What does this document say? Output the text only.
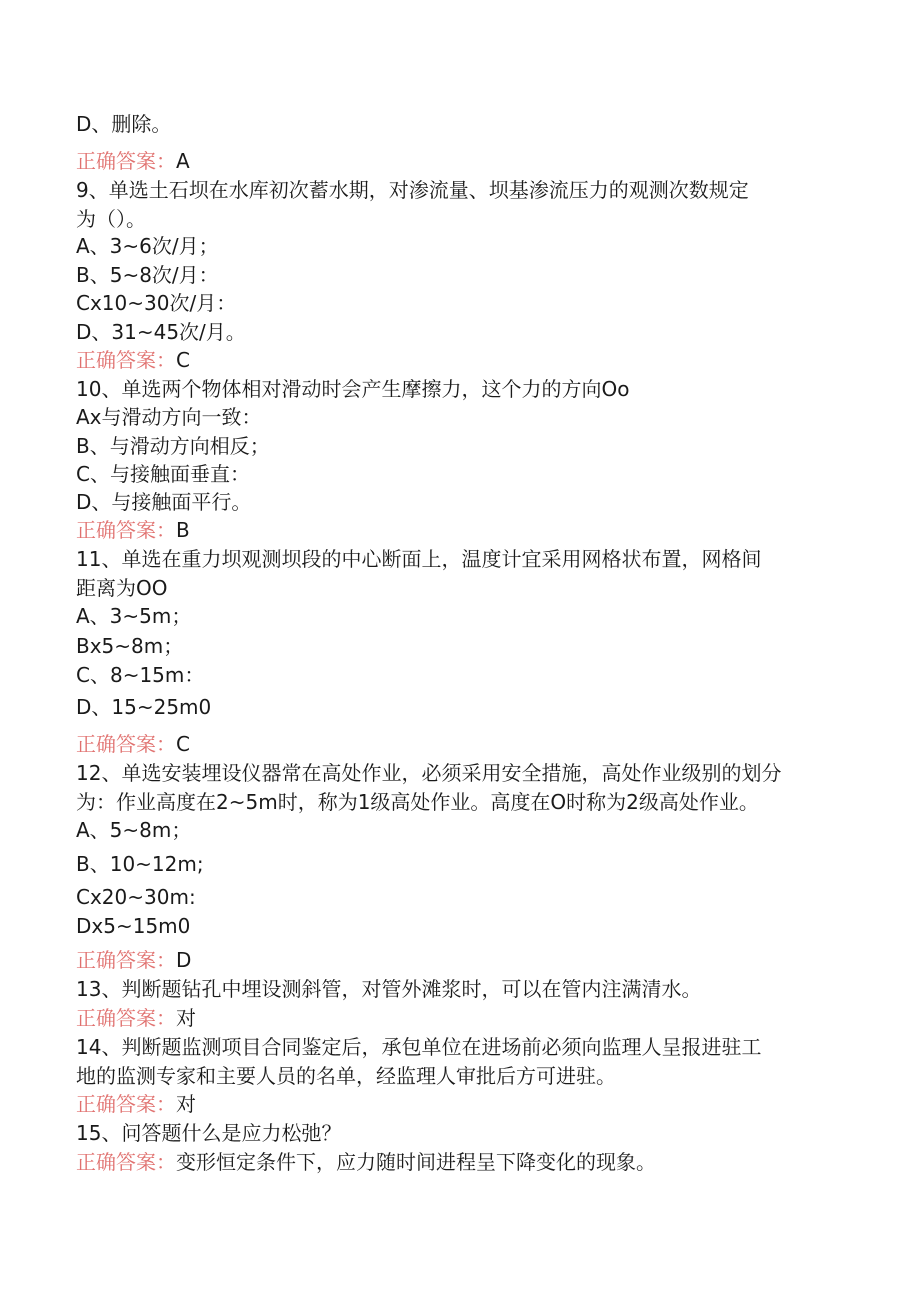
D、删除。
正确答案：A
9、单选土石坝在水库初次蓄水期，对渗流量、坝基渗流压力的观测次数规定
为（）。
A、3~6次/月；
B、5~8次/月：
Cx10~30次/月：
D、31~45次/月。
正确答案：C
10、单选两个物体相对滑动时会产生摩擦力，这个力的方向Oo
Ax与滑动方向一致：
B、与滑动方向相反；
C、与接触面垂直：
D、与接触面平行。
正确答案：B
11、单选在重力坝观测坝段的中心断面上，温度计宜采用网格状布置，网格间
距离为OO
A、3~5m；
Bx5~8m；
C、8~15m：
D、15~25m0
正确答案：C
12、单选安装埋设仪器常在高处作业，必须采用安全措施，高处作业级别的划分
为：作业高度在2~5m时，称为1级高处作业。高度在O时称为2级高处作业。
A、5~8m；
B、10~12m;
Cx20~30m:
Dx5~15m0
正确答案：D
13、判断题钻孔中埋设测斜管，对管外滩浆时，可以在管内注满清水。
正确答案：对
14、判断题监测项目合同鉴定后，承包单位在进场前必须向监理人呈报进驻工
地的监测专家和主要人员的名单，经监理人审批后方可进驻。
正确答案：对
15、问答题什么是应力松弛？
正确答案：变形恒定条件下，应力随时间进程呈下降变化的现象。
